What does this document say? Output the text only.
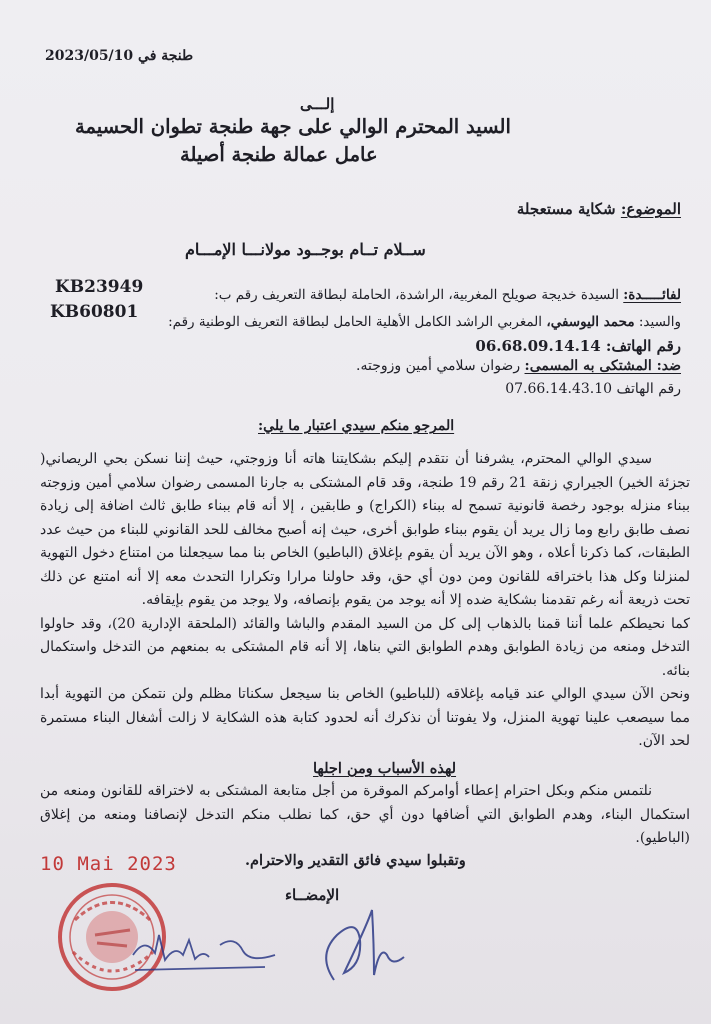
طنجة في 2023/05/10
إلـــى
السيد المحترم الوالي على جهة طنجة تطوان الحسيمة
عامل عمالة طنجة أصيلة
الموضوع: شكاية مستعجلة
ســلام تــام بوجــود مولانـــا الإمـــام
لفائـــــدة: السيدة خديجة صويلح المغربية، الراشدة، الحاملة لبطاقة التعريف رقم ب:
KB23949
والسيد: محمد اليوسفي، المغربي الراشد الكامل الأهلية الحامل لبطاقة التعريف الوطنية رقم:
KB60801
رقم الهاتف: 06.68.09.14.14
ضد: المشتكى به المسمى: رضوان سلامي أمين وزوجته.
رقم الهاتف 07.66.14.43.10
المرجو منكم سيدي اعتبار ما يلي:

سيدي الوالي المحترم، يشرفنا أن نتقدم إليكم بشكايتنا هاته أنا وزوجتي، حيث إننا نسكن بحي الريصاني( تجزئة الخير) الجيراري زنقة 21 رقم 19 طنجة، وقد قام المشتكى به جارنا المسمى رضوان سلامي أمين وزوجته ببناء منزله بوجود رخصة قانونية تسمح له ببناء (الكراج) و طابقين ، إلا أنه قام ببناء طابق ثالث اضافة إلى زيادة نصف طابق رابع وما زال يريد أن يقوم ببناء طوابق أخرى، حيث إنه أصبح مخالف للحد القانوني للبناء من حيث عدد الطبقات، كما ذكرنا أعلاه ، وهو الآن يريد أن يقوم بإغلاق (الباطيو) الخاص بنا مما سيجعلنا من امتناع دخول التهوية لمنزلنا وكل هذا باختراقه للقانون ومن دون أي حق، وقد حاولنا مرارا وتكرارا التحدث معه إلا أنه امتنع عن ذلك تحت ذريعة أنه رغم تقدمنا بشكاية ضده إلا أنه يوجد من يقوم بإنصافه، ولا يوجد من يقوم بإيقافه.

كما نحيطكم علما أننا قمنا بالذهاب إلى كل من السيد المقدم والباشا والقائد (الملحقة الإدارية 20)، وقد حاولوا التدخل ومنعه من زيادة الطوابق وهدم الطوابق التي بناها، إلا أنه قام المشتكى به بمنعهم من التدخل واستكمال بنائه.

ونحن الآن سيدي الوالي عند قيامه بإغلاقه (للباطيو) الخاص بنا سيجعل سكناتا مظلم ولن نتمكن من التهوية أبدا مما سيصعب علينا تهوية المنزل، ولا يفوتنا أن نذكرك أنه لحدود كتابة هذه الشكاية لا زالت أشغال البناء مستمرة لحد الآن.

لهذه الأسباب ومن اجلها

نلتمس منكم وبكل احترام إعطاء أوامركم الموقرة من أجل متابعة المشتكى به لاختراقه للقانون ومنعه من استكمال البناء، وهدم الطوابق التي أضافها دون أي حق، كما نطلب منكم التدخل لإنصافنا ومنعه من إغلاق (الباطيو).

وتقبلوا سيدي فائق التقدير والاحترام.
10 Mai 2023
الإمضــاء
